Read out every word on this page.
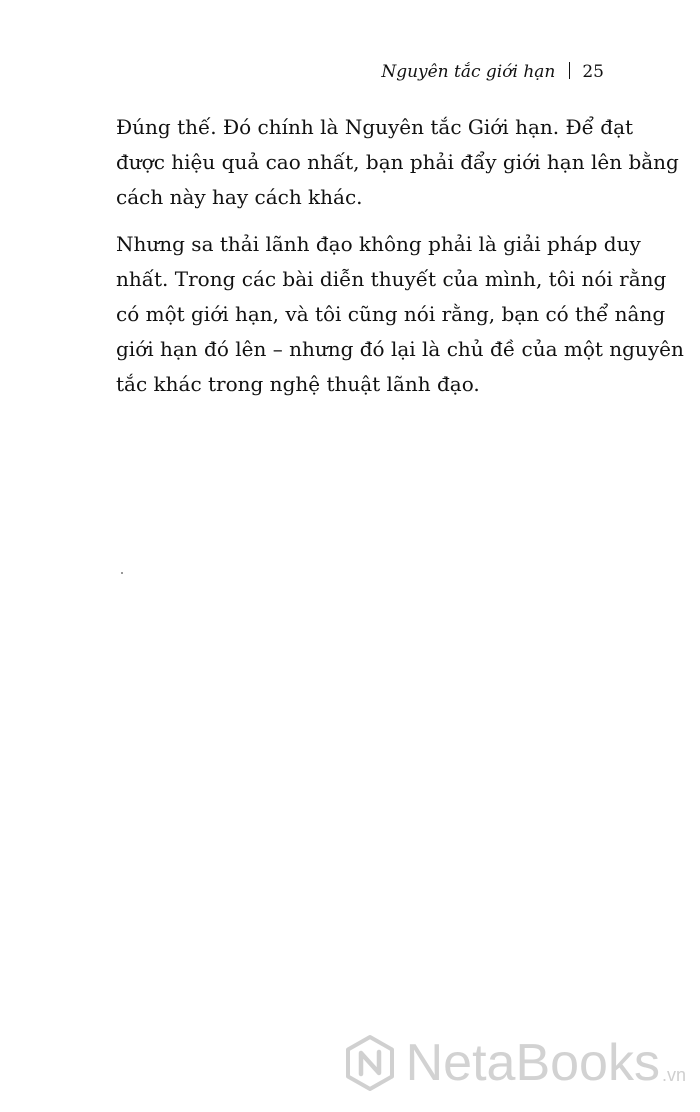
Nguyên tắc giới hạn 25

Đúng thế. Đó chính là Nguyên tắc Giới hạn. Để đạt
được hiệu quả cao nhất, bạn phải đẩy giới hạn lên bằng
cách này hay cách khác.

Nhưng sa thải lãnh đạo không phải là giải pháp duy
nhất. Trong các bài diễn thuyết của mình, tôi nói rằng
có một giới hạn, và tôi cũng nói rằng, bạn có thể nâng
giới hạn đó lên – nhưng đó lại là chủ đề của một nguyên
tắc khác trong nghệ thuật lãnh đạo.

NetaBooks .vn
